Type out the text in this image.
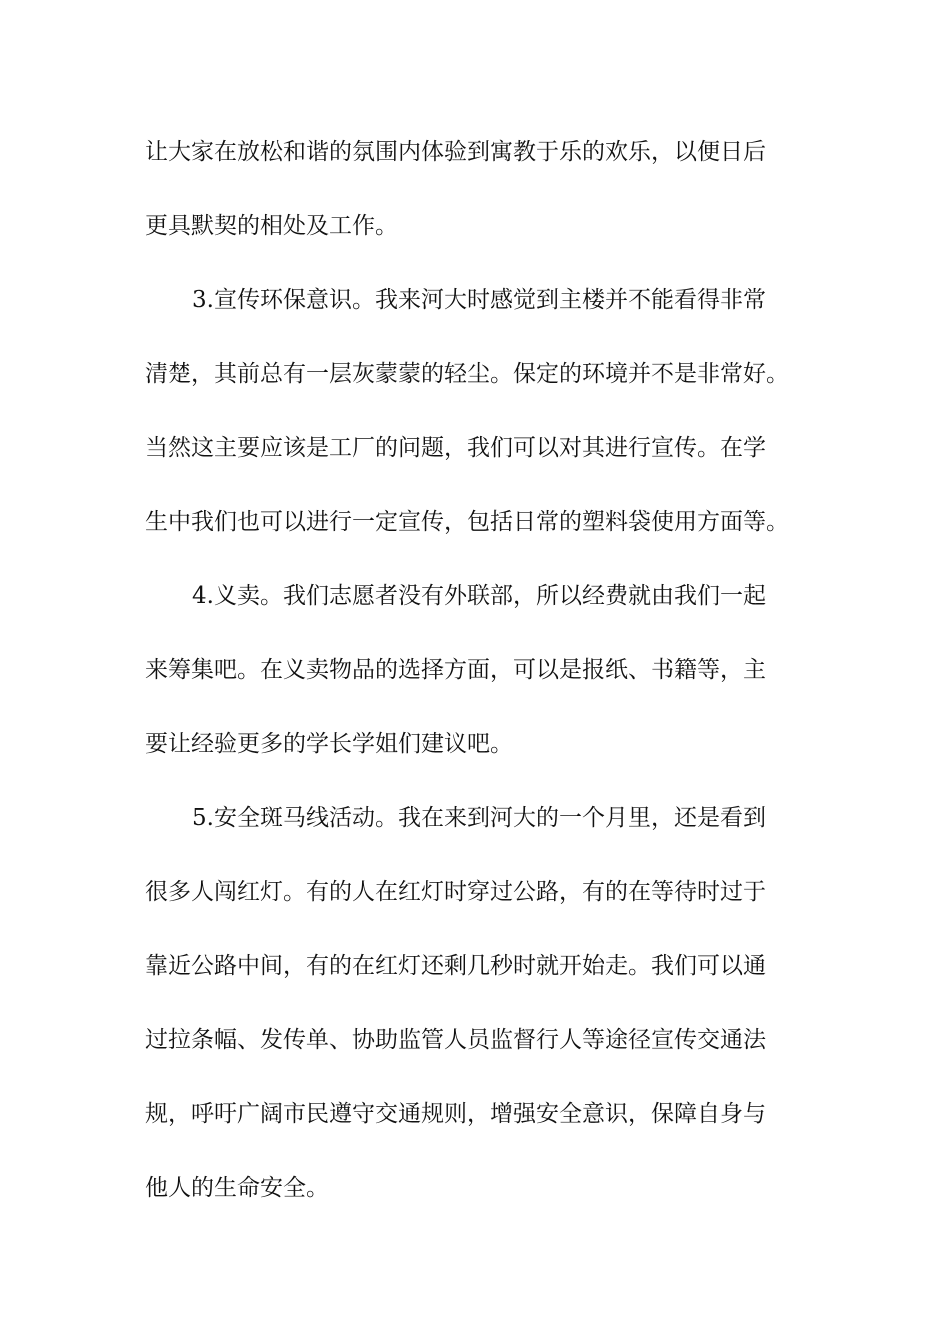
让大家在放松和谐的氛围内体验到寓教于乐的欢乐，以便日后
更具默契的相处及工作。
3.宣传环保意识。我来河大时感觉到主楼并不能看得非常
清楚，其前总有一层灰蒙蒙的轻尘。保定的环境并不是非常好。
当然这主要应该是工厂的问题，我们可以对其进行宣传。在学
生中我们也可以进行一定宣传，包括日常的塑料袋使用方面等。
4.义卖。我们志愿者没有外联部，所以经费就由我们一起
来筹集吧。在义卖物品的选择方面，可以是报纸、书籍等，主
要让经验更多的学长学姐们建议吧。
5.安全斑马线活动。我在来到河大的一个月里，还是看到
很多人闯红灯。有的人在红灯时穿过公路，有的在等待时过于
靠近公路中间，有的在红灯还剩几秒时就开始走。我们可以通
过拉条幅、发传单、协助监管人员监督行人等途径宣传交通法
规，呼吁广阔市民遵守交通规则，增强安全意识，保障自身与
他人的生命安全。
